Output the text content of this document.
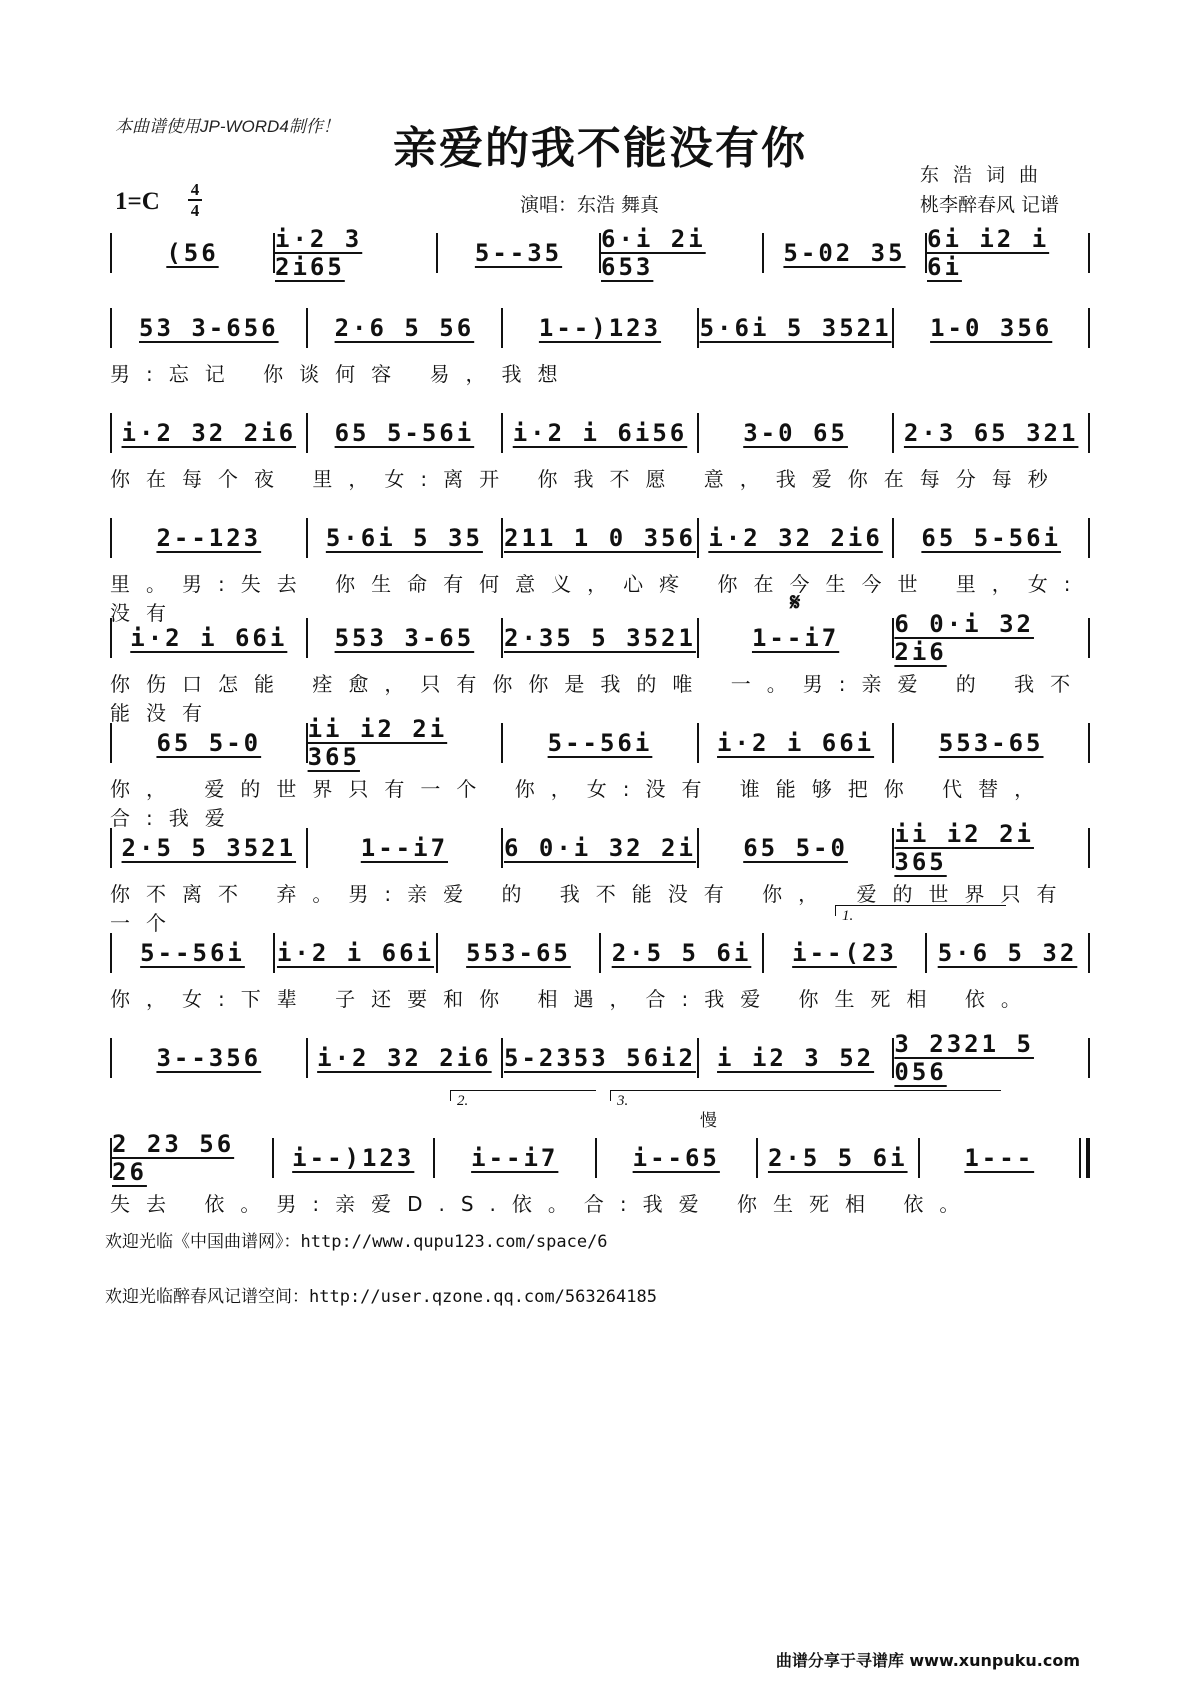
本曲谱使用JP-WORD4制作！	亲爱的我不能没有你
1=C 4
4	演唱：东浩 舞真
东浩词曲
桃李醉春风 记谱
(56	i·2 3 2i65	5--35	6·i 2i 653	5-02 35 6i i2 i 6i
53 3-656	2·6 5 56	1--)123	5·6i 5 3521	1-0 356
男:忘记 你谈何容 易，我想
i·2 32 2i6	65 5-56i	i·2 i 6i56	3-0 65	2·3 65 321
你在每个夜 里，女:离开 你我不愿 意，我爱你在每分每秒
2--123	5·6i 5 35 211 1 0 356 i·2 32 2i6	65 5-56i
里。男:失去 你生命有何意义，心疼 你在今生今世 里，女:没有
i·2 i 66i	553 3-65	2·35 5 3521	1--i7	6 0·i 32 2i6
你伤口怎能 痊愈，只有你你是我的唯 一。男:亲爱 的 我不能没有
65 5-0	ii i2 2i 365	5--56i	i·2 i 66i	553-65
你， 爱的世界只有一个 你，女:没有 谁能够把你 代替，合:我爱
2·5 5 3521	1--i7	6 0·i 32 2i	65 5-0	ii i2 2i 365
你不离不 弃。男:亲爱 的 我不能没有 你， 爱的世界只有一个
5--56i	i·2 i 66i	553-65	2·5 5 6i	i--(23	5·6 5 32
你，女:下辈 子还要和你 相遇，合:我爱 你生死相 依。
3--356	i·2 32 2i6 5-2353 56i2 i i2 3 52 3 2321 5 056
2 23 56 26	i--)123	i--i7	i--65	2·5 5 6i	1---
失去 依。男:亲爱D.S.依。合:我爱 你生死相 依。
1.
2.	3.
𝄋
慢
欢迎光临《中国曲谱网》：http://www.qupu123.com/space/6
欢迎光临醉春风记谱空间：http://user.qzone.qq.com/563264185
曲谱分享于寻谱库 www.xunpuku.com
